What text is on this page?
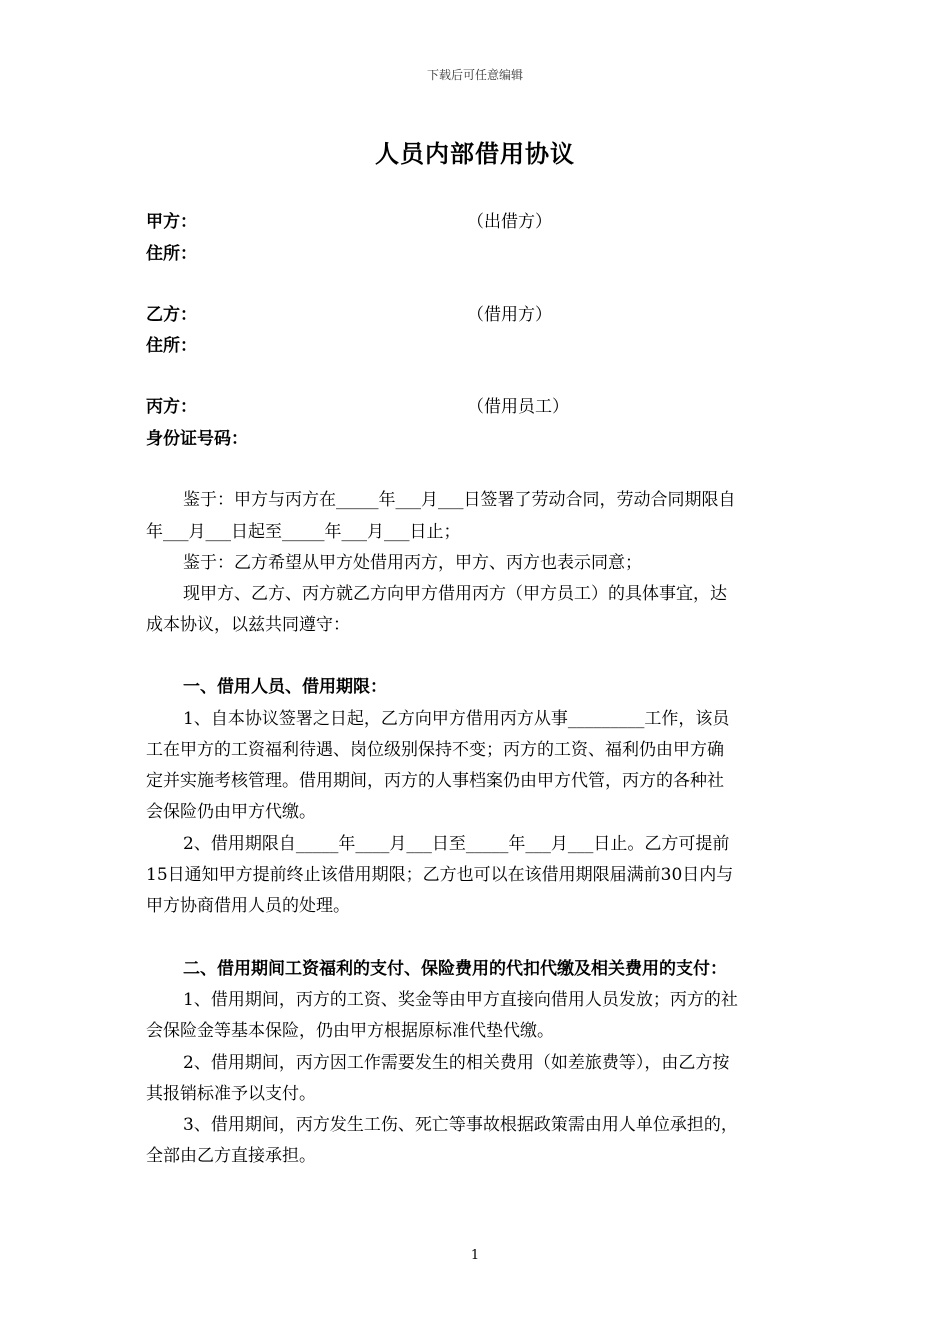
下载后可任意编辑
人员内部借用协议
甲方：	（出借方）
住所：
乙方：	（借用方）
住所：
丙方：	（借用员工）
身份证号码：
鉴于：甲方与丙方在_____年___月___日签署了劳动合同，劳动合同期限自
年___月___日起至_____年___月___日止；
鉴于：乙方希望从甲方处借用丙方，甲方、丙方也表示同意；
现甲方、乙方、丙方就乙方向甲方借用丙方（甲方员工）的具体事宜，达
成本协议，以兹共同遵守：
一、借用人员、借用期限：
1、自本协议签署之日起，乙方向甲方借用丙方从事_________工作，该员
工在甲方的工资福利待遇、岗位级别保持不变；丙方的工资、福利仍由甲方确
定并实施考核管理。借用期间，丙方的人事档案仍由甲方代管，丙方的各种社
会保险仍由甲方代缴。
2、借用期限自_____年____月___日至_____年___月___日止。乙方可提前
15日通知甲方提前终止该借用期限；乙方也可以在该借用期限届满前30日内与
甲方协商借用人员的处理。
二、借用期间工资福利的支付、保险费用的代扣代缴及相关费用的支付：
1、借用期间，丙方的工资、奖金等由甲方直接向借用人员发放；丙方的社
会保险金等基本保险，仍由甲方根据原标准代垫代缴。
2、借用期间，丙方因工作需要发生的相关费用（如差旅费等），由乙方按
其报销标准予以支付。
3、借用期间，丙方发生工伤、死亡等事故根据政策需由用人单位承担的，
全部由乙方直接承担。
1
